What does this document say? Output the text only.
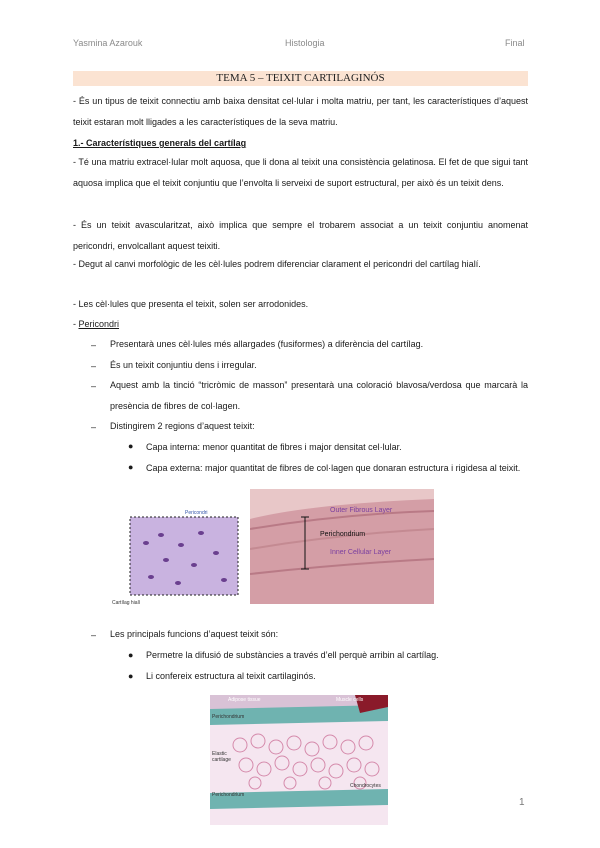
Yasmina Azarouk	Histologia	Final
TEMA 5 – TEIXIT CARTILAGINÓS
- És un tipus de teixit connectiu amb baixa densitat cel·lular i molta matriu, per tant, les característiques d’aquest teixit estaran molt lligades a les característiques de la seva matriu.
1.- Característiques generals del cartílag
- Té una matriu extracel·lular molt aquosa, que li dona al teixit una consistència gelatinosa. El fet de que sigui tant aquosa implica que el teixit conjuntiu que l’envolta li serveixi de suport estructural, per això és un teixit dens.
- És un teixit avascularitzat, això implica que sempre el trobarem associat a un teixit conjuntiu anomenat pericondri, envolcallant aquest teixiti.
- Degut al canvi morfològic de les cèl·lules podrem diferenciar clarament el pericondri del cartílag hialí.
- Les cèl·lules que presenta el teixit, solen ser arrodonides.
- Pericondri
– Presentarà unes cèl·lules més allargades (fusiformes) a diferència del cartílag.
– És un teixit conjuntiu dens i irregular.
– Aquest amb la tinció “tricròmic de masson” presentarà una coloració blavosa/verdosa que marcarà la presència de fibres de col·lagen.
– Distingirem 2 regions d’aquest teixit:
● Capa interna: menor quantitat de fibres i major densitat cel·lular.
● Capa externa: major quantitat de fibres de col·lagen que donaran estructura i rigidesa al teixit.
Pericondri
Cartílag hialí
Outer Fibrous Layer
Perichondrium
Inner Cellular Layer
– Les principals funcions d’aquest teixit són:
● Permetre la difusió de substàncies a través d’ell perquè arribin al cartílag.
● Li confereix estructura al teixit cartilaginós.
Adipose tissue	Muscle cells
Perichondrium
Elastic cartilage
Perichondrium
Chondrocytes
1
